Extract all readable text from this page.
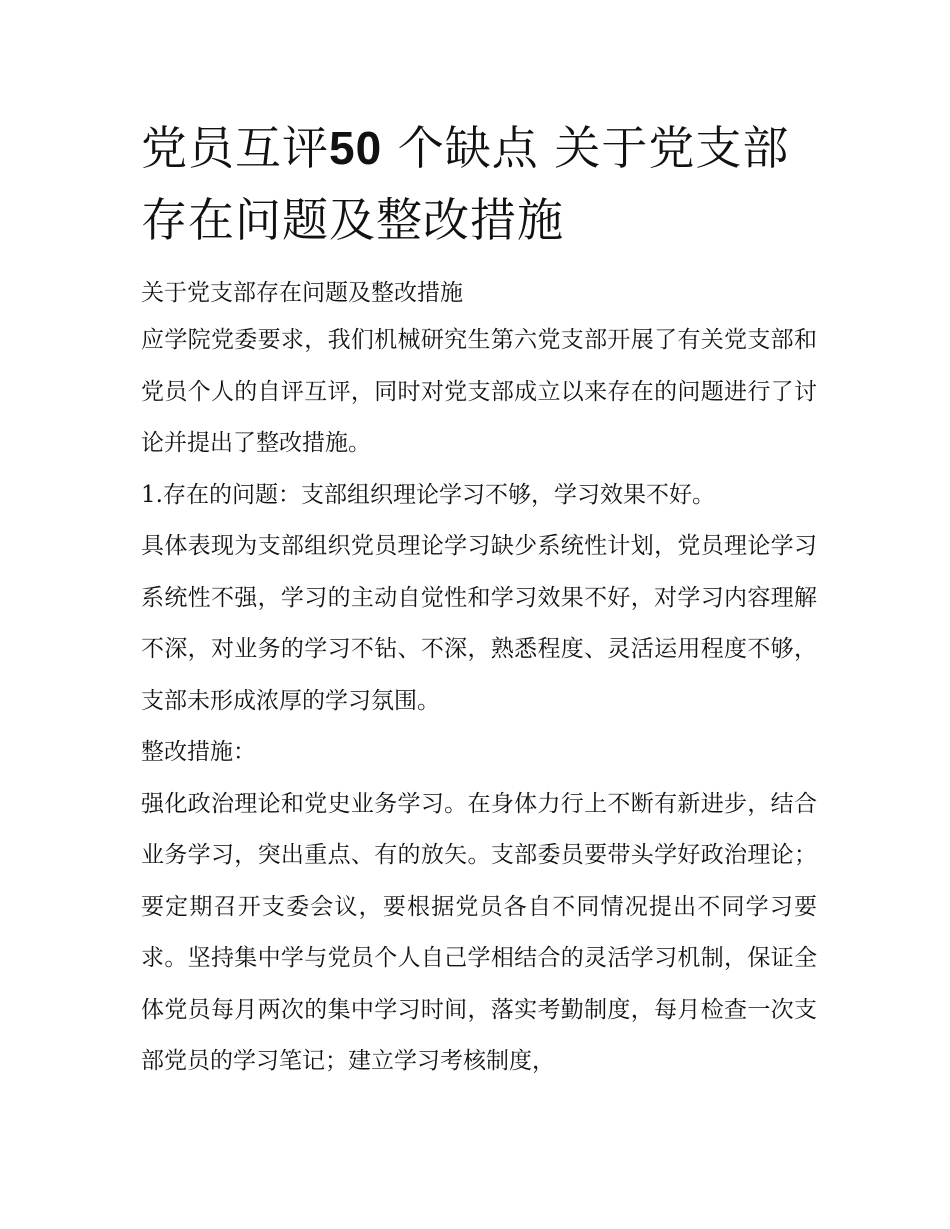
党员互评50 个缺点 关于党支部存在问题及整改措施

关于党支部存在问题及整改措施

应学院党委要求，我们机械研究生第六党支部开展了有关党支部和党员个人的自评互评，同时对党支部成立以来存在的问题进行了讨论并提出了整改措施。

1.存在的问题：支部组织理论学习不够，学习效果不好。

具体表现为支部组织党员理论学习缺少系统性计划，党员理论学习系统性不强，学习的主动自觉性和学习效果不好，对学习内容理解不深，对业务的学习不钻、不深，熟悉程度、灵活运用程度不够，支部未形成浓厚的学习氛围。

整改措施：

强化政治理论和党史业务学习。在身体力行上不断有新进步，结合业务学习，突出重点、有的放矢。支部委员要带头学好政治理论；要定期召开支委会议，要根据党员各自不同情况提出不同学习要求。坚持集中学与党员个人自己学相结合的灵活学习机制，保证全体党员每月两次的集中学习时间，落实考勤制度，每月检查一次支部党员的学习笔记；建立学习考核制度，
